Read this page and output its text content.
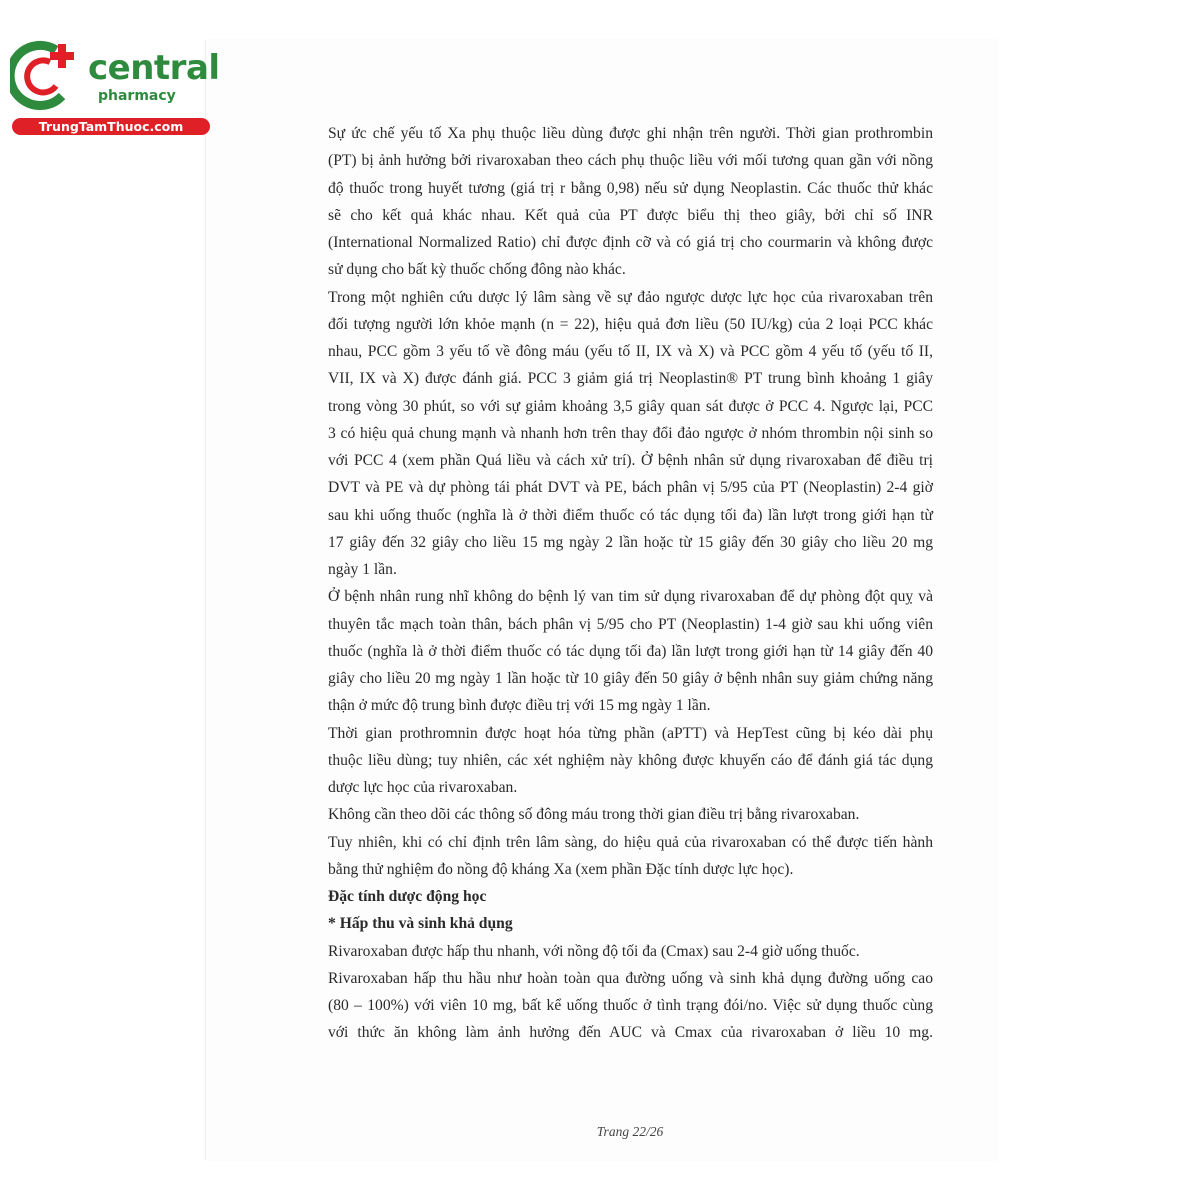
central
pharmacy
TrungTamThuoc.com	Sự ức chế yếu tố Xa phụ thuộc liều dùng được ghi nhận trên người. Thời gian prothrombin
(PT) bị ảnh hưởng bởi rivaroxaban theo cách phụ thuộc liều với mối tương quan gần với nồng
độ thuốc trong huyết tương (giá trị r bằng 0,98) nếu sử dụng Neoplastin. Các thuốc thử khác
sẽ cho kết quả khác nhau. Kết quả của PT được biểu thị theo giây, bởi chỉ số INR
(International Normalized Ratio) chỉ được định cỡ và có giá trị cho courmarin và không được
sử dụng cho bất kỳ thuốc chống đông nào khác.
Trong một nghiên cứu dược lý lâm sàng về sự đảo ngược dược lực học của rivaroxaban trên
đối tượng người lớn khỏe mạnh (n = 22), hiệu quả đơn liều (50 IU/kg) của 2 loại PCC khác
nhau, PCC gồm 3 yếu tố về đông máu (yếu tố II, IX và X) và PCC gồm 4 yếu tố (yếu tố II,
VII, IX và X) được đánh giá. PCC 3 giảm giá trị Neoplastin® PT trung bình khoảng 1 giây
trong vòng 30 phút, so với sự giảm khoảng 3,5 giây quan sát được ở PCC 4. Ngược lại, PCC
3 có hiệu quả chung mạnh và nhanh hơn trên thay đổi đảo ngược ở nhóm thrombin nội sinh so
với PCC 4 (xem phần Quá liều và cách xử trí). Ở bệnh nhân sử dụng rivaroxaban để điều trị
DVT và PE và dự phòng tái phát DVT và PE, bách phân vị 5/95 của PT (Neoplastin) 2-4 giờ
sau khi uống thuốc (nghĩa là ở thời điểm thuốc có tác dụng tối đa) lần lượt trong giới hạn từ
17 giây đến 32 giây cho liều 15 mg ngày 2 lần hoặc từ 15 giây đến 30 giây cho liều 20 mg
ngày 1 lần.
Ở bệnh nhân rung nhĩ không do bệnh lý van tim sử dụng rivaroxaban để dự phòng đột quỵ và
thuyên tắc mạch toàn thân, bách phân vị 5/95 cho PT (Neoplastin) 1-4 giờ sau khi uống viên
thuốc (nghĩa là ở thời điểm thuốc có tác dụng tối đa) lần lượt trong giới hạn từ 14 giây đến 40
giây cho liều 20 mg ngày 1 lần hoặc từ 10 giây đến 50 giây ở bệnh nhân suy giảm chứng năng
thận ở mức độ trung bình được điều trị với 15 mg ngày 1 lần.
Thời gian prothromnin được hoạt hóa từng phần (aPTT) và HepTest cũng bị kéo dài phụ
thuộc liều dùng; tuy nhiên, các xét nghiệm này không được khuyến cáo để đánh giá tác dụng
dược lực học của rivaroxaban.
Không cần theo dõi các thông số đông máu trong thời gian điều trị bằng rivaroxaban.
Tuy nhiên, khi có chỉ định trên lâm sàng, do hiệu quả của rivaroxaban có thể được tiến hành
bằng thử nghiệm đo nồng độ kháng Xa (xem phần Đặc tính dược lực học).
Đặc tính dược động học
* Hấp thu và sinh khả dụng
Rivaroxaban được hấp thu nhanh, với nồng độ tối đa (Cmax) sau 2-4 giờ uống thuốc.
Rivaroxaban hấp thu hầu như hoàn toàn qua đường uống và sinh khả dụng đường uống cao
(80 – 100%) với viên 10 mg, bất kể uống thuốc ở tình trạng đói/no. Việc sử dụng thuốc cùng
với thức ăn không làm ảnh hưởng đến AUC và Cmax của rivaroxaban ở liều 10 mg.
Trang 22/26
